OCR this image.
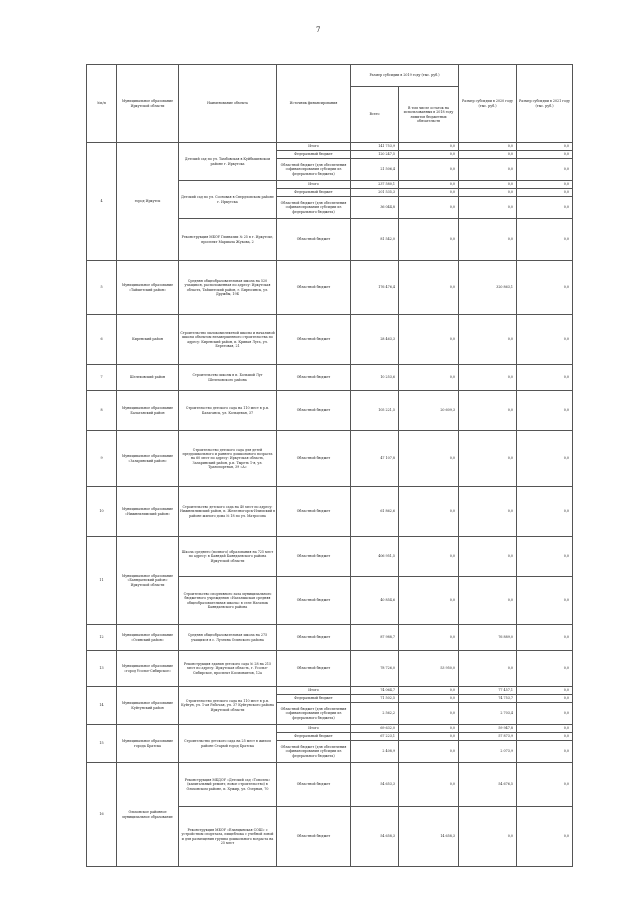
7
№п/п	Муниципальное образование Иркутской области	Наименование объекта	Источник финансирования	Размер субсидии в 2019 году (тыс. руб.)		Размер субсидии в 2020 году (тыс. руб.)	Размер субсидии в 2021 году (тыс. руб.)
				Всего	В том числе остаток на использованных в 2018 году лимитов бюджетных обязательств		
4	город Иркутск	Детский сад по ул. Тамбовская в Куйбышевском районе г. Иркутска	Итого	141 753,9	0,0	0,0	0,0
			Федеральный бюджет	120 247,5	0,0	0,0	0,0
			Областной бюджет (для обеспечения софинансирования субсидии из федерального бюджета)	21 506,4	0,0	0,0	0,0
		Детский сад по ул. Сосновая в Свердловском районе г. Иркутска	Итого	237 580,1	0,0	0,0	0,0
			Федеральный бюджет	201 535,3	0,0	0,0	0,0
			Областной бюджет (для обеспечения софинансирования субсидии из федерального бюджета)	36 044,8	0,0	0,0	0,0
		Реконструкция МБОУ Гимназии № 25 в г. Иркутске, проспект Маршала Жукова, 2	Областной бюджет	81 542,0	0,0	0,0	0,0
5	Муниципальное образование «Тайшетский район»	Средняя общеобразовательная школа на 520 учащихся, расположенная по адресу: Иркутская область, Тайшетский район, г. Бирюсинск, ул. Дружбы, 19Б	Областной бюджет	176 476,4	0,0	320 863,1	0,0
6	Киренский район	Строительство малокомплектной школы и начальной школы объектом незавершенного строительства по адресу: Киренский район, п. Кривая Луга, ул. Береговая, 21	Областной бюджет	28 463,3	0,0	0,0	0,0
7	Шелеховский район	Строительство школы в п. Большой Луг Шелеховского района	Областной бюджет	10 253,6	0,0	0,0	0,0
8	Муниципальное образование Балаганский район	Строительство детского сада на 110 мест в р.п. Балаганск, ул. Кольцевая, 37	Областной бюджет	105 221,5	20 609,3	0,0	0,0
9	Муниципальное образование «Заларинский район»	Строительство детского сада для детей преддошкольного и раннего дошкольного возраста на 60 мест по адресу: Иркутская область, Заларинский район, р.п. Тыреть 1-я, ул. Транспортная, 39 «А»	Областной бюджет	47 107,8	0,0	0,0	0,0
10	Муниципальное образование «Нижнеилимский район»	Строительство детского сада на 40 мест по адресу: Нижнеилимский район, п. Железногорск-Илимский в районе жилого дома № 18 по ул. Матросова	Областной бюджет	61 862,6	0,0	0,0	0,0
11	Муниципальное образование «Баяндаевский район» Иркутской области	Школа среднего (полного) образования на 725 мест по адресу: в Баяндай Баяндаевского района Иркутской области	Областной бюджет	406 951,5	0,0	0,0	0,0
		Строительство спортивного зала муниципального бюджетного учреждения «Нагалыкская средняя общеобразовательная школа» в селе Нагалык Баяндаевского района	Областной бюджет	40 854,6	0,0	0,0	0,0
12	Муниципальное образование «Осинский район»	Средняя общеобразовательная школа на 275 учащихся в с. Лузгина Осинского района	Областной бюджет	87 988,7	0,0	76 889,0	0,0
13	Муниципальное образование «город Усолье-Сибирское»	Реконструкция здания детского сада № 28 на 215 мест по адресу: Иркутская область, г. Усолье-Сибирское, проспект Космонавтов, 12а	Областной бюджет	78 726,0	53 950,0	0,0	0,0
14	Муниципальное образование Куйтунский район	Строительство детского сада на 110 мест в р.п. Куйтун, ул. 1-ая Рабочая, уч. 37 Куйтунского района Иркутской области	Итого	74 064,7	0,0	77 457,1	0,0
			Федеральный бюджет	71 502,5	0,0	74 753,7	0,0
			Областной бюджет (для обеспечения софинансирования субсидии из федерального бюджета)	2 562,2	0,0	2 703,4	0,0
15	Муниципальное образование города Братска	Строительство детского сада на 25 мест в жилом районе Старый город Братска	Итого	69 632,0	0,0	59 947,8	0,0
			Федеральный бюджет	67 223,1	0,0	57 873,9	0,0
			Областной бюджет (для обеспечения софинансирования субсидии из федерального бюджета)	2 408,9	0,0	2 073,9	0,0
16	Ольхонское районное муниципальное образование	Реконструкция МБДОУ «Детский сад «Тополек» (капитальный ремонт, новое строительство) в Ольхонском районе, п. Хужир, ул. Озерная, 70	Областной бюджет	54 653,3	0,0	54 676,5	0,0
		Реконструкция МБОУ «Еланцынская СОШ» с устройством спортзала, пищеблока с учебной зоной и для размещения группы дошкольного возраста на 25 мест	Областной бюджет	54 658,3	14 658,3	0,0	0,0
